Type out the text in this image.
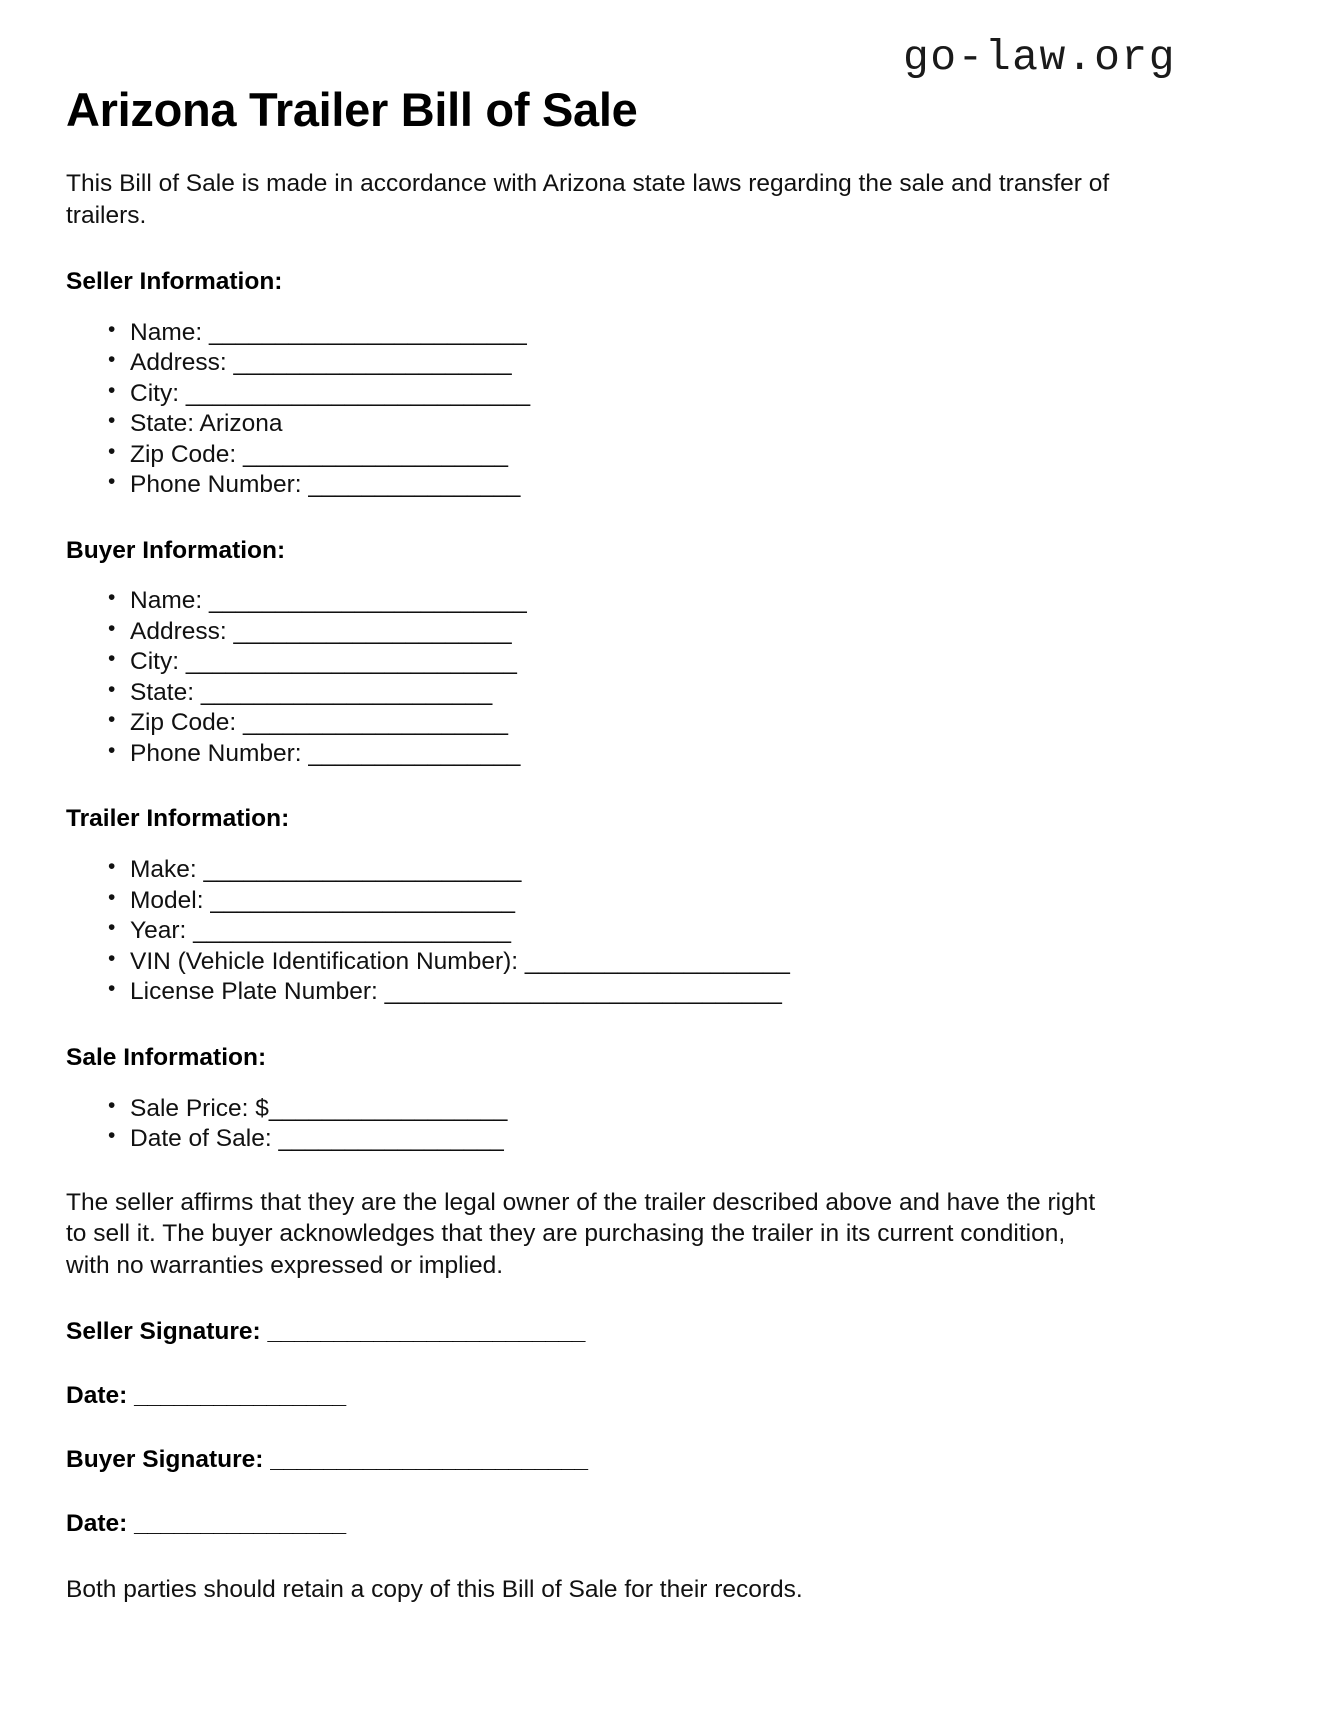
go-law.org
Arizona Trailer Bill of Sale

This Bill of Sale is made in accordance with Arizona state laws regarding the sale and transfer of trailers.

Seller Information:
• Name: ________________________
• Address: _____________________
• City: __________________________
• State: Arizona
• Zip Code: ____________________
• Phone Number: ________________
Buyer Information:
• Name: ________________________
• Address: _____________________
• City: _________________________
• State: ______________________
• Zip Code: ____________________
• Phone Number: ________________
Trailer Information:
• Make: ________________________
• Model: _______________________
• Year: ________________________
• VIN (Vehicle Identification Number): ____________________
• License Plate Number: ______________________________
Sale Information:
• Sale Price: $__________________
• Date of Sale: _________________

The seller affirms that they are the legal owner of the trailer described above and have the right to sell it. The buyer acknowledges that they are purchasing the trailer in its current condition, with no warranties expressed or implied.

Seller Signature: ________________________
Date: ________________
Buyer Signature: ________________________
Date: ________________

Both parties should retain a copy of this Bill of Sale for their records.
